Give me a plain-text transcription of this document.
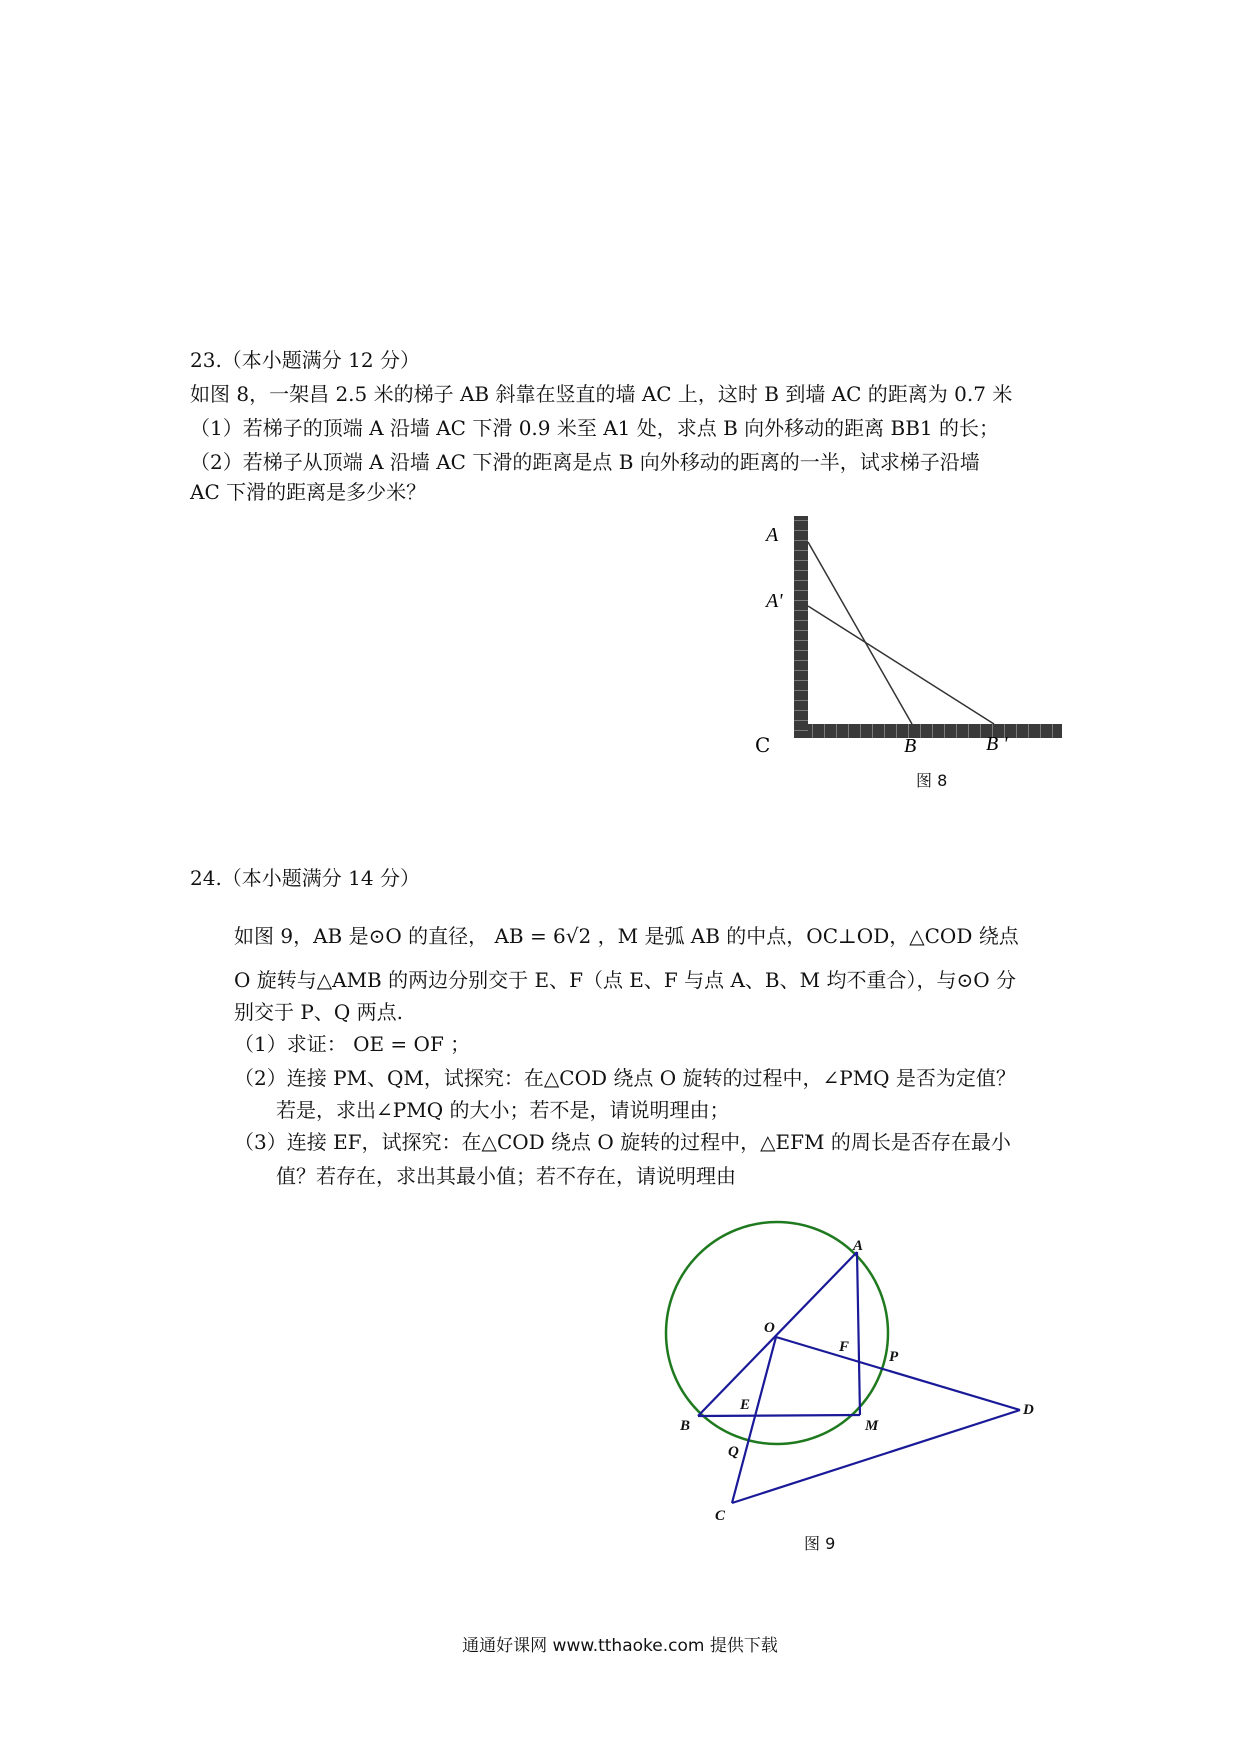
23.（本小题满分 12 分）
如图 8，一架昌 2.5 米的梯子 AB 斜靠在竖直的墙 AC 上，这时 B 到墙 AC 的距离为 0.7 米
（1）若梯子的顶端 A 沿墙 AC 下滑 0.9 米至 A1 处，求点 B 向外移动的距离 BB1 的长；
（2）若梯子从顶端 A 沿墙 AC 下滑的距离是点 B 向外移动的距离的一半，试求梯子沿墙
AC 下滑的距离是多少米？
A
A'
C	B	B '
图 8
24.（本小题满分 14 分）
如图 9，AB 是⊙O 的直径， AB = 6√2 ，M 是弧 AB 的中点，OC⊥OD，△COD 绕点
O 旋转与△AMB 的两边分别交于 E、F（点 E、F 与点 A、B、M 均不重合），与⊙O 分
别交于 P、Q 两点.
（1）求证： OE = OF ；
（2）连接 PM、QM，试探究：在△COD 绕点 O 旋转的过程中，∠PMQ 是否为定值？
若是，求出∠PMQ 的大小；若不是，请说明理由；
（3）连接 EF，试探究：在△COD 绕点 O 旋转的过程中，△EFM 的周长是否存在最小
值？若存在，求出其最小值；若不存在，请说明理由
A
O
F
P
D
E
B	M
Q
C
图 9
通通好课网 www.tthaoke.com 提供下载
